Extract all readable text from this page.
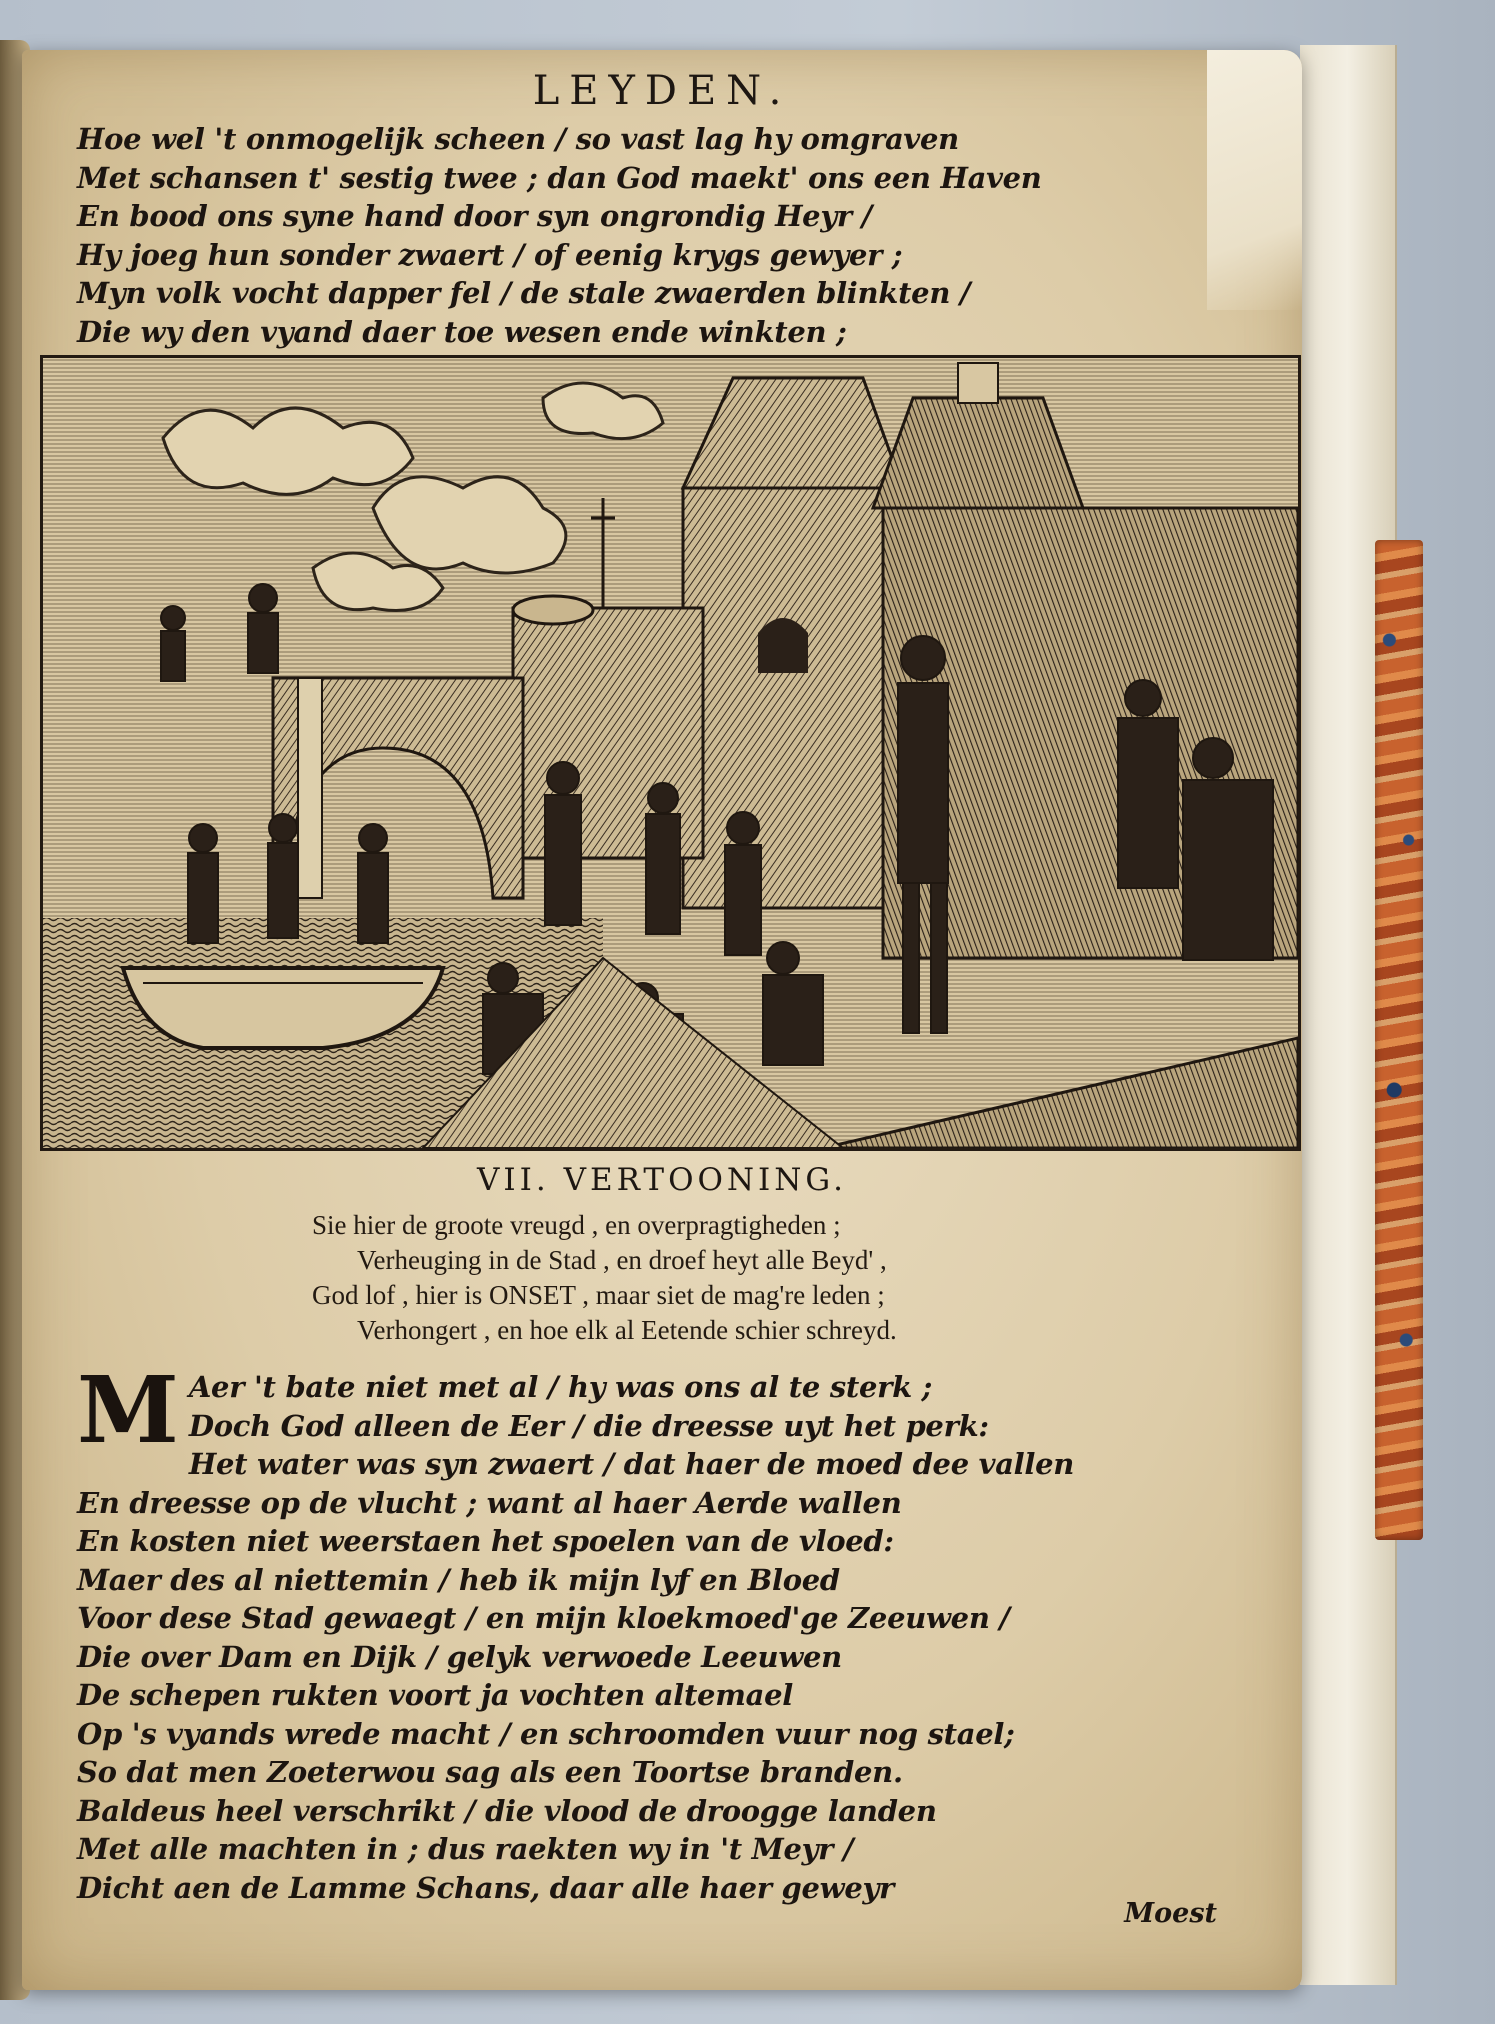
LEYDEN.
Hoe wel 't onmogelijk scheen / so vast lag hy omgraven
Met schansen t' sestig twee ; dan God maekt' ons een Haven
En bood ons syne hand door syn ongrondig Heyr /
Hy joeg hun sonder zwaert / of eenig krygs gewyer ;
Myn volk vocht dapper fel / de stale zwaerden blinkten /
Die wy den vyand daer toe wesen ende winkten ;
VII. VERTOONING.
Sie hier de groote vreugd , en overpragtigheden ;
Verheuging in de Stad , en droef heyt alle Beyd' ,
God lof , hier is ONSET , maar siet de mag're leden ;
Verhongert , en hoe elk al Eetende schier schreyd.
M Aer 't bate niet met al / hy was ons al te sterk ;
Doch God alleen de Eer / die dreesse uyt het perk:
Het water was syn zwaert / dat haer de moed dee vallen
En dreesse op de vlucht ; want al haer Aerde wallen
En kosten niet weerstaen het spoelen van de vloed:
Maer des al niettemin / heb ik mijn lyf en Bloed
Voor dese Stad gewaegt / en mijn kloekmoed'ge Zeeuwen /
Die over Dam en Dijk / gelyk verwoede Leeuwen
De schepen rukten voort ja vochten altemael
Op 's vyands wrede macht / en schroomden vuur nog stael;
So dat men Zoeterwou sag als een Toortse branden.
Baldeus heel verschrikt / die vlood de droogge landen
Met alle machten in ; dus raekten wy in 't Meyr /
Dicht aen de Lamme Schans, daar alle haer geweyr
Moest
